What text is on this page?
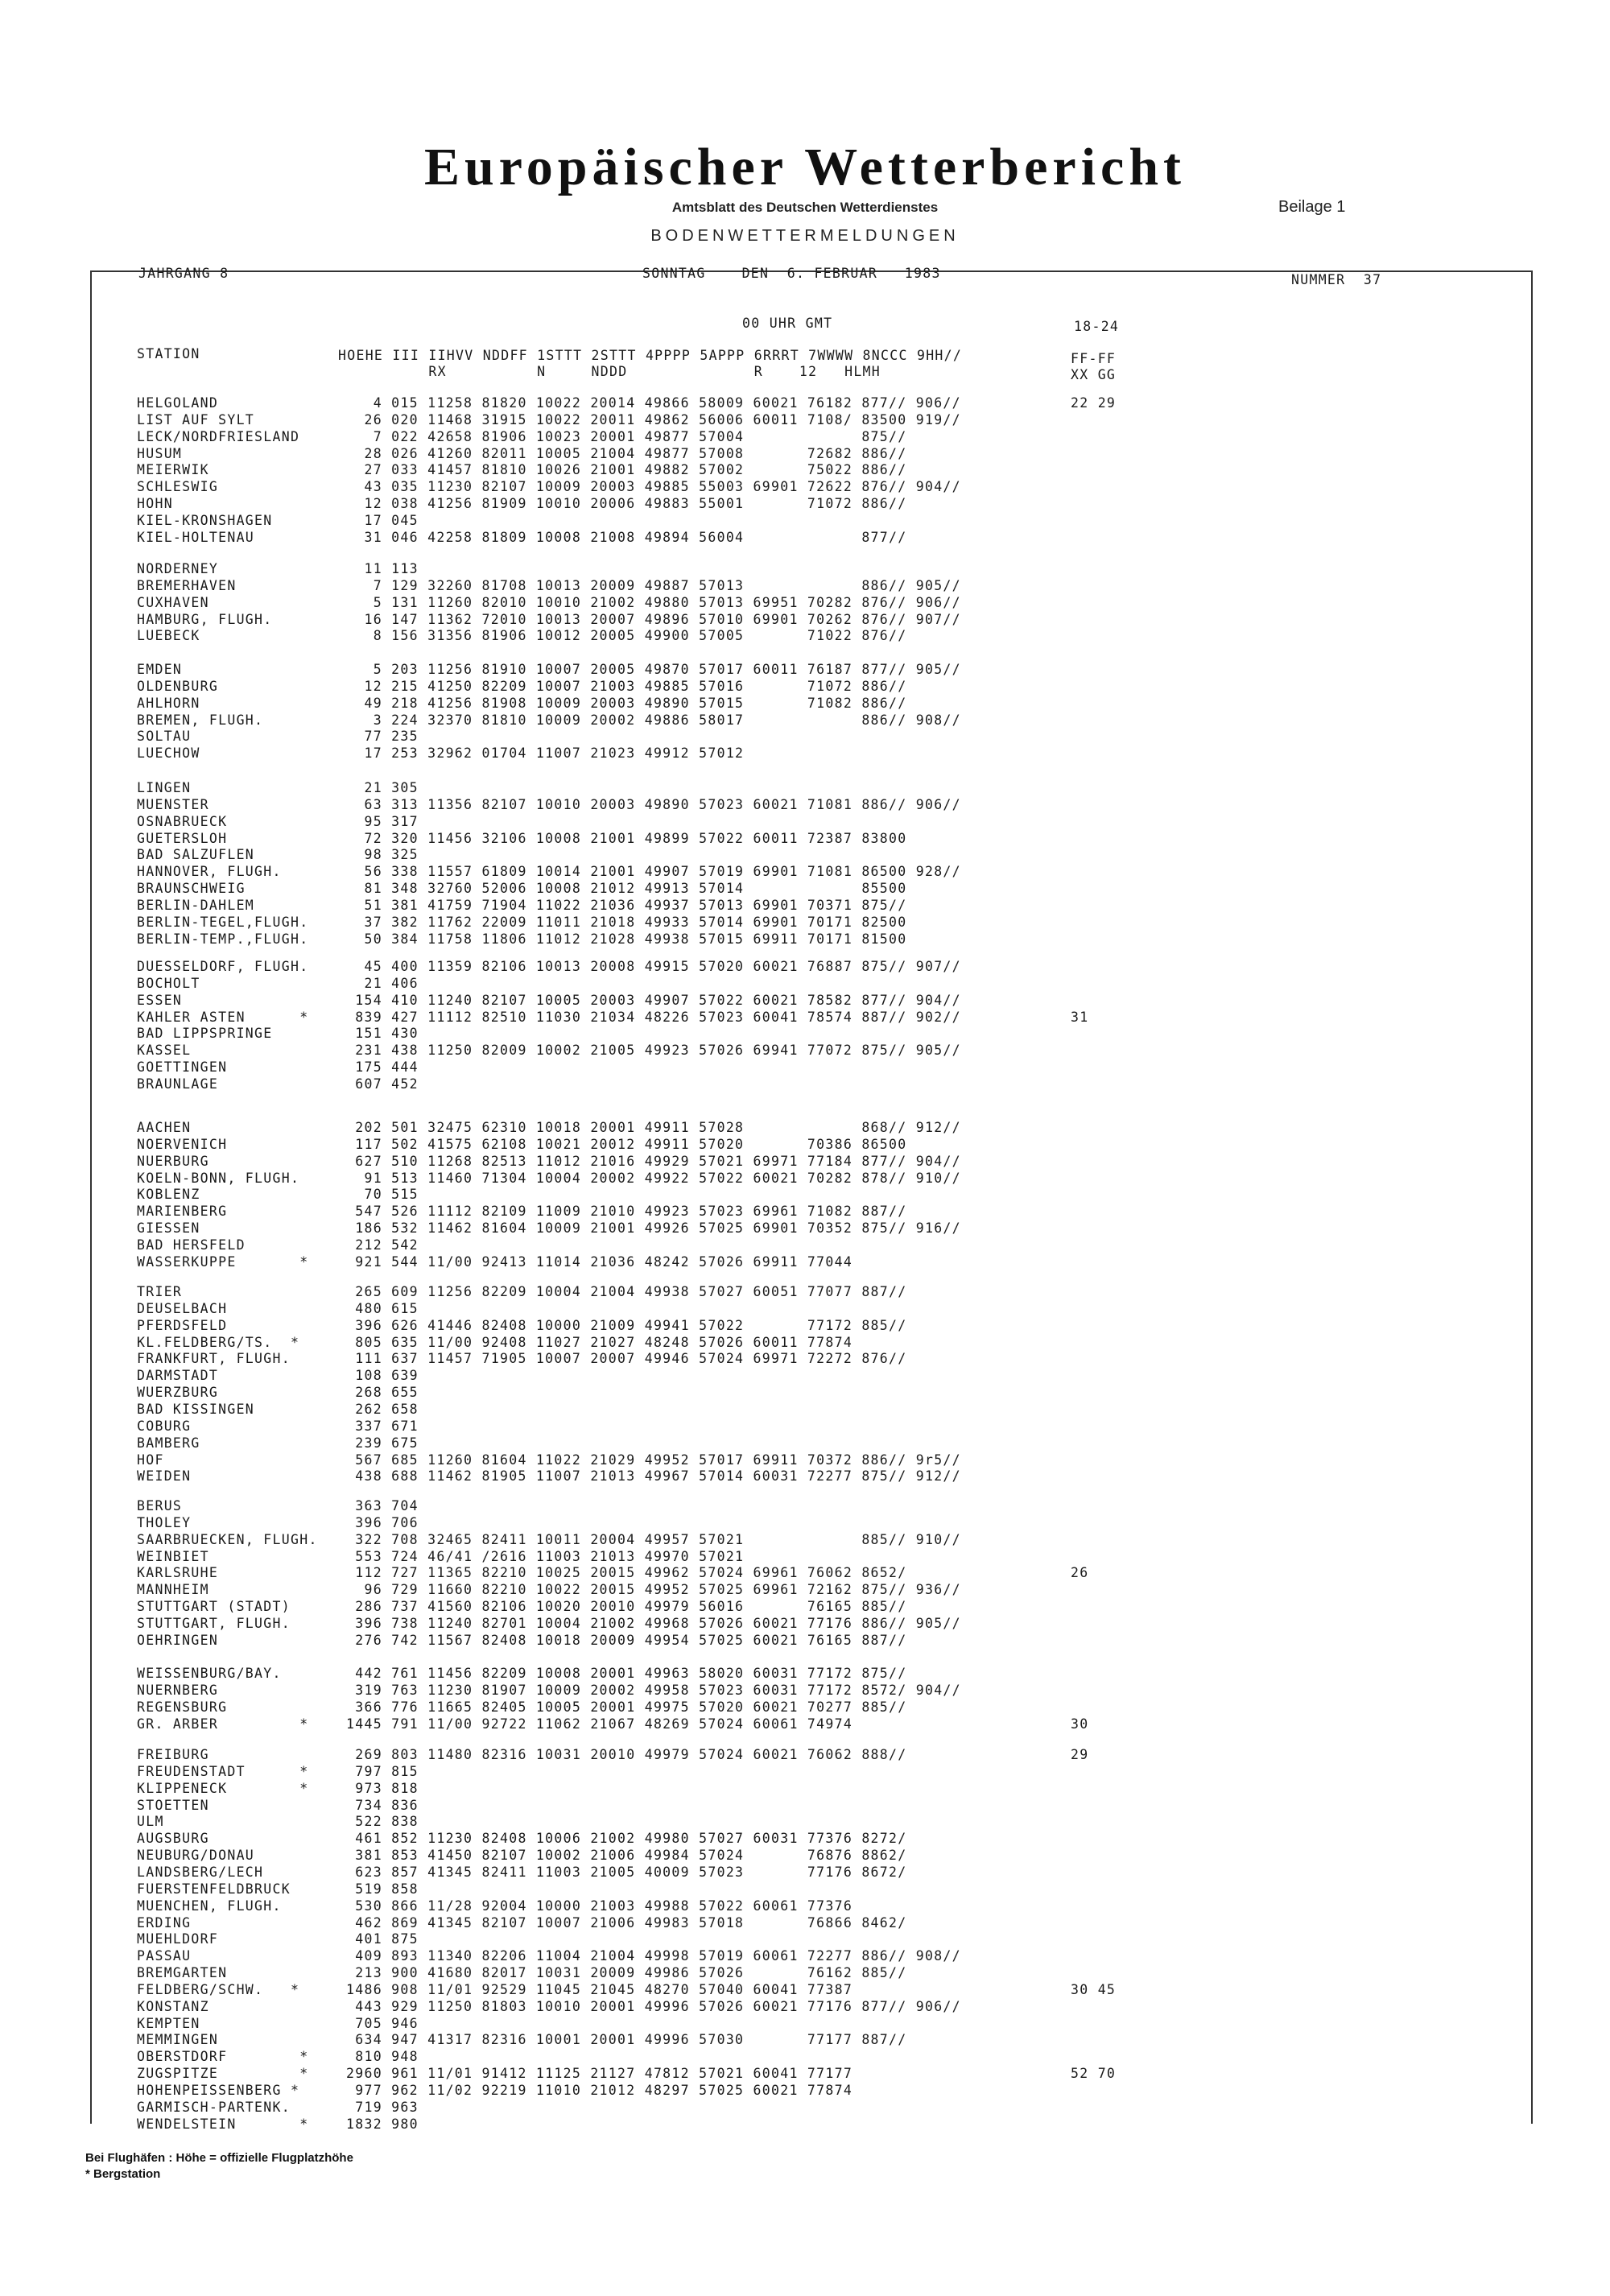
Europäischer Wetterbericht
Amtsblatt des Deutschen Wetterdienstes	Beilage 1
BODENWETTERMELDUNGEN
JAHRGANG 8	SONNTAG    DEN  6. FEBRUAR   1983	NUMMER  37
00 UHR GMT	18-24
STATION	HOEHE III IIHVV NDDFF 1STTT 2STTT 4PPPP 5APPP 6RRRT 7WWWW 8NCCC 9HH//
RX          N     NDDD              R    12   HLMH
FF-FF
XX GG
HELGOLAND	4 015 11258 81820 10022 20014 49866 58009 60021 76182 877// 906//	22 29
LIST AUF SYLT	26 020 11468 31915 10022 20011 49862 56006 60011 7108/ 83500 919//
LECK/NORDFRIESLAND	7 022 42658 81906 10023 20001 49877 57004             875//
HUSUM	28 026 41260 82011 10005 21004 49877 57008       72682 886//
MEIERWIK	27 033 41457 81810 10026 21001 49882 57002       75022 886//
SCHLESWIG	43 035 11230 82107 10009 20003 49885 55003 69901 72622 876// 904//
HOHN	12 038 41256 81909 10010 20006 49883 55001       71072 886//
KIEL-KRONSHAGEN	17 045
KIEL-HOLTENAU	31 046 42258 81809 10008 21008 49894 56004             877//
NORDERNEY	11 113
BREMERHAVEN	7 129 32260 81708 10013 20009 49887 57013             886// 905//
CUXHAVEN	5 131 11260 82010 10010 21002 49880 57013 69951 70282 876// 906//
HAMBURG, FLUGH.	16 147 11362 72010 10013 20007 49896 57010 69901 70262 876// 907//
LUEBECK	8 156 31356 81906 10012 20005 49900 57005       71022 876//
EMDEN	5 203 11256 81910 10007 20005 49870 57017 60011 76187 877// 905//
OLDENBURG	12 215 41250 82209 10007 21003 49885 57016       71072 886//
AHLHORN	49 218 41256 81908 10009 20003 49890 57015       71082 886//
BREMEN, FLUGH.	3 224 32370 81810 10009 20002 49886 58017             886// 908//
SOLTAU	77 235
LUECHOW	17 253 32962 01704 11007 21023 49912 57012
LINGEN	21 305
MUENSTER	63 313 11356 82107 10010 20003 49890 57023 60021 71081 886// 906//
OSNABRUECK	95 317
GUETERSLOH	72 320 11456 32106 10008 21001 49899 57022 60011 72387 83800
BAD SALZUFLEN	98 325
HANNOVER, FLUGH.	56 338 11557 61809 10014 21001 49907 57019 69901 71081 86500 928//
BRAUNSCHWEIG	81 348 32760 52006 10008 21012 49913 57014             85500
BERLIN-DAHLEM	51 381 41759 71904 11022 21036 49937 57013 69901 70371 875//
BERLIN-TEGEL,FLUGH.	37 382 11762 22009 11011 21018 49933 57014 69901 70171 82500
BERLIN-TEMP.,FLUGH.	50 384 11758 11806 11012 21028 49938 57015 69911 70171 81500
DUESSELDORF, FLUGH.	45 400 11359 82106 10013 20008 49915 57020 60021 76887 875// 907//
BOCHOLT	21 406
ESSEN	154 410 11240 82107 10005 20003 49907 57022 60021 78582 877// 904//
KAHLER ASTEN      *	839 427 11112 82510 11030 21034 48226 57023 60041 78574 887// 902//	31
BAD LIPPSPRINGE	151 430
KASSEL	231 438 11250 82009 10002 21005 49923 57026 69941 77072 875// 905//
GOETTINGEN	175 444
BRAUNLAGE	607 452
AACHEN	202 501 32475 62310 10018 20001 49911 57028             868// 912//
NOERVENICH	117 502 41575 62108 10021 20012 49911 57020       70386 86500
NUERBURG	627 510 11268 82513 11012 21016 49929 57021 69971 77184 877// 904//
KOELN-BONN, FLUGH.	91 513 11460 71304 10004 20002 49922 57022 60021 70282 878// 910//
KOBLENZ	70 515
MARIENBERG	547 526 11112 82109 11009 21010 49923 57023 69961 71082 887//
GIESSEN	186 532 11462 81604 10009 21001 49926 57025 69901 70352 875// 916//
BAD HERSFELD	212 542
WASSERKUPPE       *	921 544 11/00 92413 11014 21036 48242 57026 69911 77044
TRIER	265 609 11256 82209 10004 21004 49938 57027 60051 77077 887//
DEUSELBACH	480 615
PFERDSFELD	396 626 41446 82408 10000 21009 49941 57022       77172 885//
KL.FELDBERG/TS.  *	805 635 11/00 92408 11027 21027 48248 57026 60011 77874
FRANKFURT, FLUGH.	111 637 11457 71905 10007 20007 49946 57024 69971 72272 876//
DARMSTADT	108 639
WUERZBURG	268 655
BAD KISSINGEN	262 658
COBURG	337 671
BAMBERG	239 675
HOF	567 685 11260 81604 11022 21029 49952 57017 69911 70372 886// 9r5//
WEIDEN	438 688 11462 81905 11007 21013 49967 57014 60031 72277 875// 912//
BERUS	363 704
THOLEY	396 706
SAARBRUECKEN, FLUGH. 322 708 32465 82411 10011 20004 49957 57021             885// 910//
WEINBIET	553 724 46/41 /2616 11003 21013 49970 57021
KARLSRUHE	112 727 11365 82210 10025 20015 49962 57024 69961 76062 8652/	26
MANNHEIM	96 729 11660 82210 10022 20015 49952 57025 69961 72162 875// 936//
STUTTGART (STADT)	286 737 41560 82106 10020 20010 49979 56016       76165 885//
STUTTGART, FLUGH.	396 738 11240 82701 10004 21002 49968 57026 60021 77176 886// 905//
OEHRINGEN	276 742 11567 82408 10018 20009 49954 57025 60021 76165 887//
WEISSENBURG/BAY.	442 761 11456 82209 10008 20001 49963 58020 60031 77172 875//
NUERNBERG	319 763 11230 81907 10009 20002 49958 57023 60031 77172 8572/ 904//
REGENSBURG	366 776 11665 82405 10005 20001 49975 57020 60021 70277 885//
GR. ARBER         *	1445 791 11/00 92722 11062 21067 48269 57024 60061 74974	30
FREIBURG	269 803 11480 82316 10031 20010 49979 57024 60021 76062 888//	29
FREUDENSTADT      *	797 815
KLIPPENECK        *	973 818
STOETTEN	734 836
ULM	522 838
AUGSBURG	461 852 11230 82408 10006 21002 49980 57027 60031 77376 8272/
NEUBURG/DONAU	381 853 41450 82107 10002 21006 49984 57024       76876 8862/
LANDSBERG/LECH	623 857 41345 82411 11003 21005 40009 57023       77176 8672/
FUERSTENFELDBRUCK	519 858
MUENCHEN, FLUGH.	530 866 11/28 92004 10000 21003 49988 57022 60061 77376
ERDING	462 869 41345 82107 10007 21006 49983 57018       76866 8462/
MUEHLDORF	401 875
PASSAU	409 893 11340 82206 11004 21004 49998 57019 60061 72277 886// 908//
BREMGARTEN	213 900 41680 82017 10031 20009 49986 57026       76162 885//
FELDBERG/SCHW.   *	1486 908 11/01 92529 11045 21045 48270 57040 60041 77387	30 45
KONSTANZ	443 929 11250 81803 10010 20001 49996 57026 60021 77176 877// 906//
KEMPTEN	705 946
MEMMINGEN	634 947 41317 82316 10001 20001 49996 57030       77177 887//
OBERSTDORF        *	810 948
ZUGSPITZE         *	2960 961 11/01 91412 11125 21127 47812 57021 60041 77177	52 70
HOHENPEISSENBERG *	977 962 11/02 92219 11010 21012 48297 57025 60021 77874
GARMISCH-PARTENK.	719 963
WENDELSTEIN       *	1832 980
Bei Flughäfen : Höhe = offizielle Flugplatzhöhe
* Bergstation
